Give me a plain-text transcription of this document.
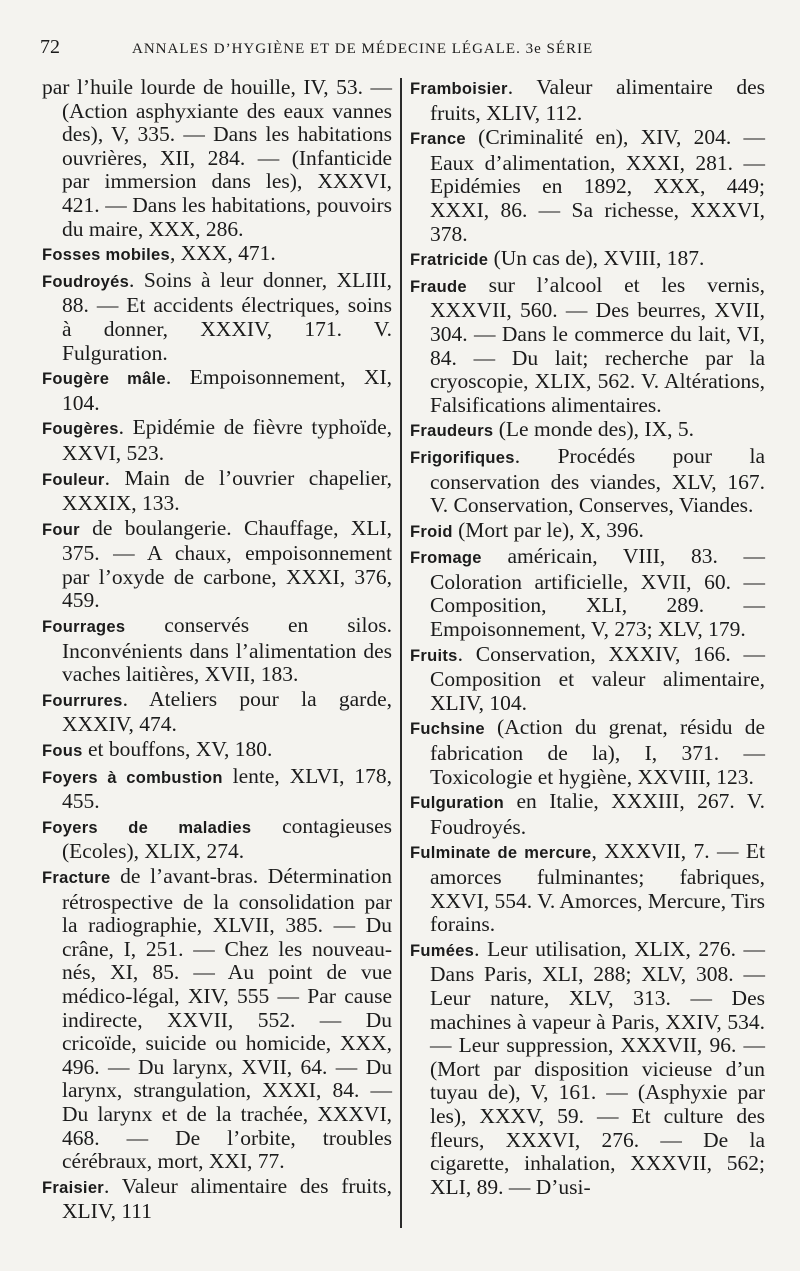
72	ANNALES D’HYGIÈNE ET DE MÉDECINE LÉGALE. 3e SÉRIE

par l’huile lourde de houille, IV, 53. — (Action asphyxiante des eaux vannes des), V, 335. — Dans les habitations ouvrières, XII, 284. — (Infanticide par immersion dans les), XXXVI, 421. — Dans les habitations, pouvoirs du maire, XXX, 286.

Fosses mobiles, XXX, 471.

Foudroyés. Soins à leur donner, XLIII, 88. — Et accidents électriques, soins à donner, XXXIV, 171. V. Fulguration.

Fougère mâle. Empoisonnement, XI, 104.

Fougères. Epidémie de fièvre typhoïde, XXVI, 523.

Fouleur. Main de l’ouvrier chapelier, XXXIX, 133.

Four de boulangerie. Chauffage, XLI, 375. — A chaux, empoisonnement par l’oxyde de carbone, XXXI, 376, 459.

Fourrages conservés en silos. Inconvénients dans l’alimentation des vaches laitières, XVII, 183.

Fourrures. Ateliers pour la garde, XXXIV, 474.

Fous et bouffons, XV, 180.

Foyers à combustion lente, XLVI, 178, 455.

Foyers de maladies contagieuses (Ecoles), XLIX, 274.

Fracture de l’avant-bras. Détermination rétrospective de la consolidation par la radiographie, XLVII, 385. — Du crâne, I, 251. — Chez les nouveau-nés, XI, 85. — Au point de vue médico-légal, XIV, 555 — Par cause indirecte, XXVII, 552. — Du cricoïde, suicide ou homicide, XXX, 496. — Du larynx, XVII, 64. — Du larynx, strangulation, XXXI, 84. — Du larynx et de la trachée, XXXVI, 468. — De l’orbite, troubles cérébraux, mort, XXI, 77.

Fraisier. Valeur alimentaire des fruits, XLIV, 111

Framboisier. Valeur alimentaire des fruits, XLIV, 112.

France (Criminalité en), XIV, 204. — Eaux d’alimentation, XXXI, 281. — Epidémies en 1892, XXX, 449; XXXI, 86. — Sa richesse, XXXVI, 378.

Fratricide (Un cas de), XVIII, 187.

Fraude sur l’alcool et les vernis, XXXVII, 560. — Des beurres, XVII, 304. — Dans le commerce du lait, VI, 84. — Du lait; recherche par la cryoscopie, XLIX, 562. V. Altérations, Falsifications alimentaires.

Fraudeurs (Le monde des), IX, 5.

Frigorifiques. Procédés pour la conservation des viandes, XLV, 167. V. Conservation, Conserves, Viandes.

Froid (Mort par le), X, 396.

Fromage américain, VIII, 83. — Coloration artificielle, XVII, 60. — Composition, XLI, 289. — Empoisonnement, V, 273; XLV, 179.

Fruits. Conservation, XXXIV, 166. — Composition et valeur alimentaire, XLIV, 104.

Fuchsine (Action du grenat, résidu de fabrication de la), I, 371. — Toxicologie et hygiène, XXVIII, 123.

Fulguration en Italie, XXXIII, 267. V. Foudroyés.

Fulminate de mercure, XXXVII, 7. — Et amorces fulminantes; fabriques, XXVI, 554. V. Amorces, Mercure, Tirs forains.

Fumées. Leur utilisation, XLIX, 276. — Dans Paris, XLI, 288; XLV, 308. — Leur nature, XLV, 313. — Des machines à vapeur à Paris, XXIV, 534. — Leur suppression, XXXVII, 96. — (Mort par disposition vicieuse d’un tuyau de), V, 161. — (Asphyxie par les), XXXV, 59. — Et culture des fleurs, XXXVI, 276. — De la cigarette, inhalation, XXXVII, 562; XLI, 89. — D’usi-
